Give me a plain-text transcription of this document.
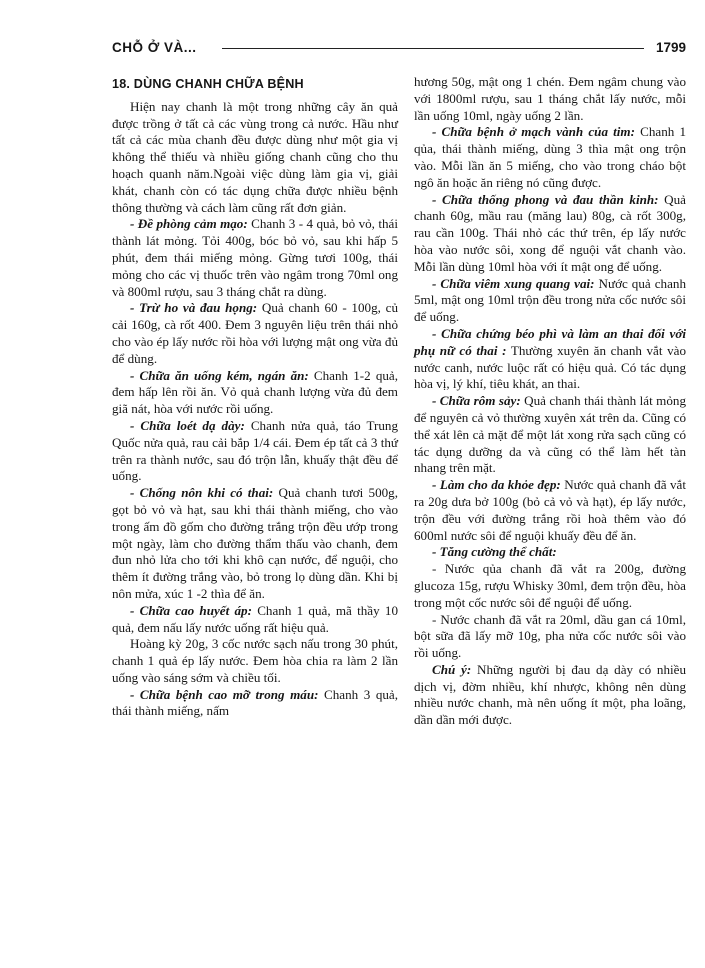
CHỖ Ở VÀ...	1799
18. DÙNG CHANH CHỮA BỆNH

Hiện nay chanh là một trong những cây ăn quả được trồng ở tất cả các vùng trong cả nước. Hầu như tất cả các mùa chanh đều được dùng như một gia vị không thể thiếu và nhiều giống chanh cũng cho thu hoạch quanh năm.Ngoài việc dùng làm gia vị, giải khát, chanh còn có tác dụng chữa được nhiều bệnh thông thường và cách làm cũng rất đơn giản.

- Đề phòng cảm mạo: Chanh 3 - 4 quả, bỏ vỏ, thái thành lát mỏng. Tỏi 400g, bóc bỏ vỏ, sau khi hấp 5 phút, đem thái miếng mỏng. Gừng tươi 100g, thái mỏng cho các vị thuốc trên vào ngâm trong 70ml ong và 800ml rượu, sau 3 tháng chắt ra dùng.

- Trừ ho và đau họng: Quả chanh 60 - 100g, củ cải 160g, cà rốt 400. Đem 3 nguyên liệu trên thái nhỏ cho vào ép lấy nước rồi hòa với lượng mật ong vừa đủ để dùng.

- Chữa ăn uống kém, ngán ăn: Chanh 1-2 quả, đem hấp lên rồi ăn. Vỏ quả chanh lượng vừa đủ đem giã nát, hòa với nước rồi uống.

- Chữa loét dạ dày: Chanh nửa quả, táo Trung Quốc nửa quả, rau cải bắp 1/4 cái. Đem ép tất cả 3 thứ trên ra thành nước, sau đó trộn lẫn, khuấy thật đều để uống.

- Chống nôn khi có thai: Quả chanh tươi 500g, gọt bỏ vỏ và hạt, sau khi thái thành miếng, cho vào trong ấm đồ gốm cho đường trắng trộn đều ướp trong một ngày, làm cho đường thẩm thấu vào chanh, đem đun nhỏ lửa cho tới khi khô cạn nước, để nguội, cho thêm ít đường trắng vào, bỏ trong lọ dùng dần. Khi bị nôn mửa, xúc 1 -2 thìa để ăn.

- Chữa cao huyết áp: Chanh 1 quả, mã thầy 10 quả, đem nấu lấy nước uống rất hiệu quả.

Hoàng kỳ 20g, 3 cốc nước sạch nấu trong 30 phút, chanh 1 quả ép lấy nước. Đem hòa chia ra làm 2 lần uống vào sáng sớm và chiều tối.

- Chữa bệnh cao mỡ trong máu: Chanh 3 quả, thái thành miếng, nấm

hương 50g, mật ong 1 chén. Đem ngâm chung vào với 1800ml rượu, sau 1 tháng chắt lấy nước, mỗi lần uống 10ml, ngày uống 2 lần.

- Chữa bệnh ở mạch vành của tim: Chanh 1 qủa, thái thành miếng, dùng 3 thìa mật ong trộn vào. Mỗi lần ăn 5 miếng, cho vào trong cháo bột ngô ăn hoặc ăn riêng nó cũng được.

- Chữa thống phong và đau thần kinh: Quả chanh 60g, mầu rau (măng lau) 80g, cà rốt 300g, rau cần 100g. Thái nhỏ các thứ trên, ép lấy nước hòa vào nước sôi, xong để nguội vắt chanh vào. Mỗi lần dùng 10ml hòa với ít mật ong để uống.

- Chữa viêm xung quang vai: Nước quả chanh 5ml, mật ong 10ml trộn đều trong nửa cốc nước sôi để uống.

- Chữa chứng béo phì và làm an thai đối với phụ nữ có thai : Thường xuyên ăn chanh vắt vào nước canh, nước luộc rất có hiệu quả. Có tác dụng hòa vị, lý khí, tiêu khát, an thai.

- Chữa rôm sảy: Quả chanh thái thành lát mỏng để nguyên cả vỏ thường xuyên xát trên da. Cũng có thể xát lên cả mặt để một lát xong rửa sạch cũng có tác dụng dưỡng da và cũng có thể làm hết tàn nhang trên mặt.

- Làm cho da khỏe đẹp: Nước quả chanh đã vắt ra 20g dưa bở 100g (bỏ cả vỏ và hạt), ép lấy nước, trộn đều với đường trắng rồi hoà thêm vào đó 600ml nước sôi để nguội khuấy đều để ăn.

- Tăng cường thể chất:

- Nước qủa chanh đã vắt ra 200g, đường glucoza 15g, rượu Whisky 30ml, đem trộn đều, hòa trong một cốc nước sôi để nguội để uống.

- Nước chanh đã vắt ra 20ml, dầu gan cá 10ml, bột sữa đã lấy mỡ 10g, pha nửa cốc nước sôi vào rồi uống.

Chú ý: Những người bị đau dạ dày có nhiều dịch vị, đờm nhiều, khí nhược, không nên dùng nhiều nước chanh, mà nên uống ít một, pha loãng, dần dần mới được.
